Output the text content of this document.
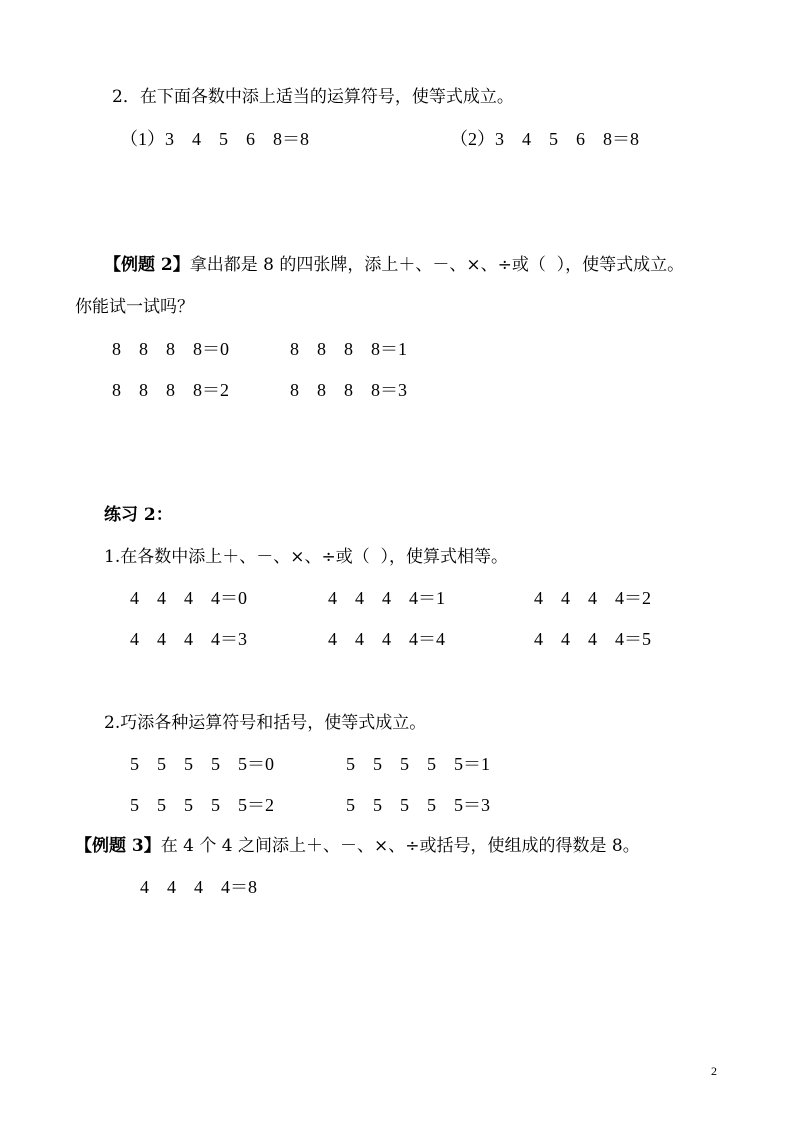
2．在下面各数中添上适当的运算符号，使等式成立。
（1）3　4　5　6　8＝8	（2）3　4　5　6　8＝8
【例题 2】拿出都是 8 的四张牌，添上＋、－、×、÷或（  ），使等式成立。
你能试一试吗？
8　8　8　8＝0	8　8　8　8＝1
8　8　8　8＝2	8　8　8　8＝3
练习 2：
1.在各数中添上＋、－、×、÷或（  ），使算式相等。
4　4　4　4＝0	4　4　4　4＝1	4　4　4　4＝2
4　4　4　4＝3	4　4　4　4＝4	4　4　4　4＝5
2.巧添各种运算符号和括号，使等式成立。
5　5　5　5　5＝0	5　5　5　5　5＝1
5　5　5　5　5＝2	5　5　5　5　5＝3
【例题 3】在 4 个 4 之间添上＋、－、×、÷或括号，使组成的得数是 8。
4　4　4　4＝8
2
